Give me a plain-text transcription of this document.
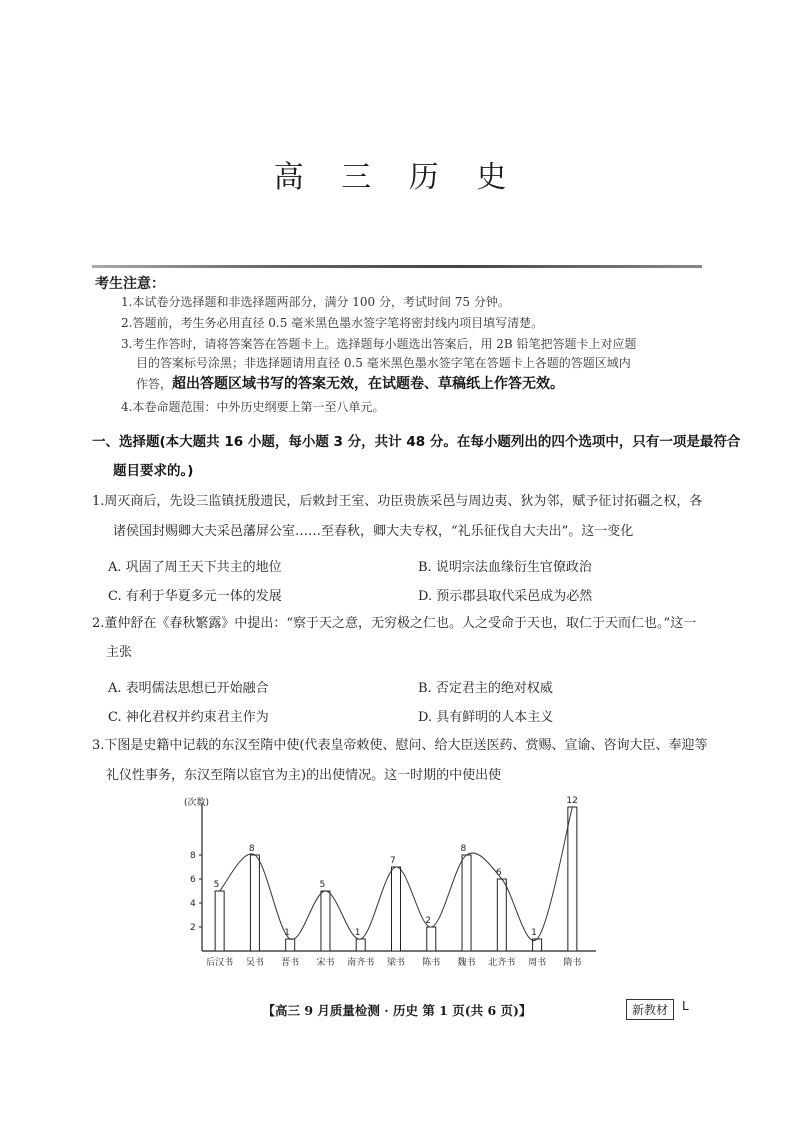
高 三 历 史
考生注意：
1.本试卷分选择题和非选择题两部分，满分 100 分，考试时间 75 分钟。
2.答题前，考生务必用直径 0.5 毫米黑色墨水签字笔将密封线内项目填写清楚。
3.考生作答时，请将答案答在答题卡上。选择题每小题选出答案后，用 2B 铅笔把答题卡上对应题
目的答案标号涂黑；非选择题请用直径 0.5 毫米黑色墨水签字笔在答题卡上各题的答题区域内
作答，超出答题区域书写的答案无效，在试题卷、草稿纸上作答无效。
4.本卷命题范围：中外历史纲要上第一至八单元。
一、选择题(本大题共 16 小题，每小题 3 分，共计 48 分。在每小题列出的四个选项中，只有一项是最符合
题目要求的。)
1.周灭商后，先设三监镇抚殷遗民，后敕封王室、功臣贵族采邑与周边夷、狄为邻，赋予征讨拓疆之权，各
诸侯国封赐卿大夫采邑藩屏公室……至春秋，卿大夫专权，“礼乐征伐自大夫出”。这一变化
A. 巩固了周王天下共主的地位	B. 说明宗法血缘衍生官僚政治
C. 有利于华夏多元一体的发展	D. 预示郡县取代采邑成为必然
2.董仲舒在《春秋繁露》中提出：“察于天之意，无穷极之仁也。人之受命于天也，取仁于天而仁也。”这一
主张
A. 表明儒法思想已开始融合	B. 否定君主的绝对权威
C. 神化君权并约束君主作为	D. 具有鲜明的人本主义
3.下图是史籍中记载的东汉至隋中使(代表皇帝敕使、慰问、给大臣送医药、赏赐、宣谕、咨询大臣、奉迎等
礼仪性事务，东汉至隋以宦官为主)的出使情况。这一时期的中使出使
(次数)
2
4
6
8
5
后汉书
8
吴书
1
晋书
5
宋书
1
南齐书
7
梁书
2
陈书
8
魏书
6
北齐书
1
周书
12
隋书
【高三 9 月质量检测 · 历史 第 1 页(共 6 页)】	新教材	L
